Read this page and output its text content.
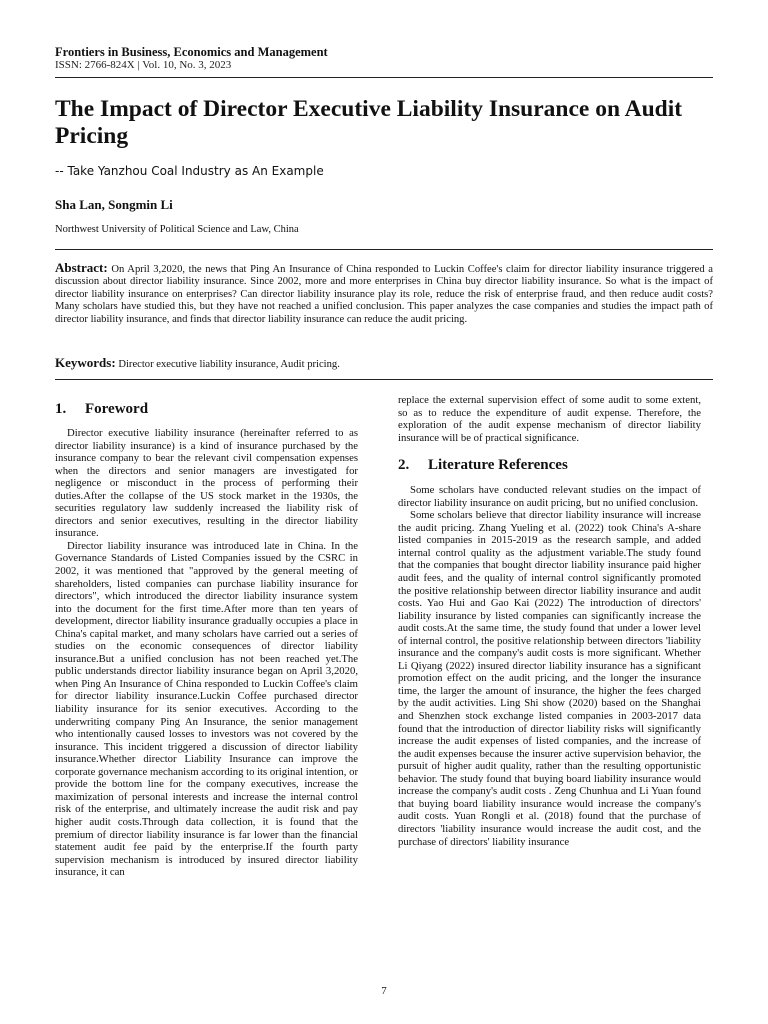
Frontiers in Business, Economics and Management
ISSN: 2766-824X | Vol. 10, No. 3, 2023
The Impact of Director Executive Liability Insurance on Audit Pricing
-- Take Yanzhou Coal Industry as An Example
Sha Lan, Songmin Li
Northwest University of Political Science and Law, China
Abstract: On April 3,2020, the news that Ping An Insurance of China responded to Luckin Coffee's claim for director liability insurance triggered a discussion about director liability insurance. Since 2002, more and more enterprises in China buy director liability insurance. So what is the impact of director liability insurance on enterprises? Can director liability insurance play its role, reduce the risk of enterprise fraud, and then reduce audit costs? Many scholars have studied this, but they have not reached a unified conclusion. This paper analyzes the case companies and studies the impact path of director liability insurance, and finds that director liability insurance can reduce the audit pricing.
Keywords: Director executive liability insurance, Audit pricing.
1. Foreword

Director executive liability insurance (hereinafter referred to as director liability insurance) is a kind of insurance purchased by the insurance company to bear the relevant civil compensation expenses when the directors and senior managers are investigated for negligence or misconduct in the process of performing their duties.After the collapse of the US stock market in the 1930s, the securities regulatory law suddenly increased the liability risk of directors and senior executives, resulting in the director liability insurance.

Director liability insurance was introduced late in China. In the Governance Standards of Listed Companies issued by the CSRC in 2002, it was mentioned that "approved by the general meeting of shareholders, listed companies can purchase liability insurance for directors", which introduced the director liability insurance system into the document for the first time.After more than ten years of development, director liability insurance gradually occupies a place in China's capital market, and many scholars have carried out a series of studies on the economic consequences of director liability insurance.But a unified conclusion has not been reached yet.The public understands director liability insurance began on April 3,2020, when Ping An Insurance of China responded to Luckin Coffee's claim for director liability insurance.Luckin Coffee purchased director liability insurance for its senior executives. According to the underwriting company Ping An Insurance, the senior management who intentionally caused losses to investors was not covered by the insurance. This incident triggered a discussion of director liability insurance.Whether director Liability Insurance can improve the corporate governance mechanism according to its original intention, or provide the bottom line for the company executives, increase the maximization of personal interests and increase the internal control risk of the enterprise, and ultimately increase the audit risk and pay higher audit costs.Through data collection, it is found that the premium of director liability insurance is far lower than the financial statement audit fee paid by the enterprise.If the fourth party supervision mechanism is introduced by insured director liability insurance, it can

replace the external supervision effect of some audit to some extent, so as to reduce the expenditure of audit expense. Therefore, the exploration of the audit expense mechanism of director liability insurance will be of practical significance.

2. Literature References

Some scholars have conducted relevant studies on the impact of director liability insurance on audit pricing, but no unified conclusion.

Some scholars believe that director liability insurance will increase the audit pricing. Zhang Yueling et al. (2022) took China's A-share listed companies in 2015-2019 as the research sample, and added internal control quality as the adjustment variable.The study found that the companies that bought director liability insurance paid higher audit fees, and the quality of internal control significantly promoted the positive relationship between director liability insurance and audit costs. Yao Hui and Gao Kai (2022) The introduction of directors' liability insurance by listed companies can significantly increase the audit costs.At the same time, the study found that under a lower level of internal control, the positive relationship between directors 'liability insurance and the company's audit costs is more significant. Whether Li Qiyang (2022) insured director liability insurance has a significant promotion effect on the audit pricing, and the longer the insurance time, the larger the amount of insurance, the higher the fees charged by the audit activities. Ling Shi show (2020) based on the Shanghai and Shenzhen stock exchange listed companies in 2003-2017 data found that the introduction of director liability risks will significantly increase the audit expenses of listed companies, and the increase of the audit expenses because the insurer active supervision behavior, the pursuit of higher audit quality, rather than the resulting opportunistic behavior. The study found that buying board liability insurance would increase the company's audit costs . Zeng Chunhua and Li Yuan found that buying board liability insurance would increase the company's audit costs. Yuan Rongli et al. (2018) found that the purchase of directors 'liability insurance would increase the audit cost, and the purchase of directors' liability insurance

7
